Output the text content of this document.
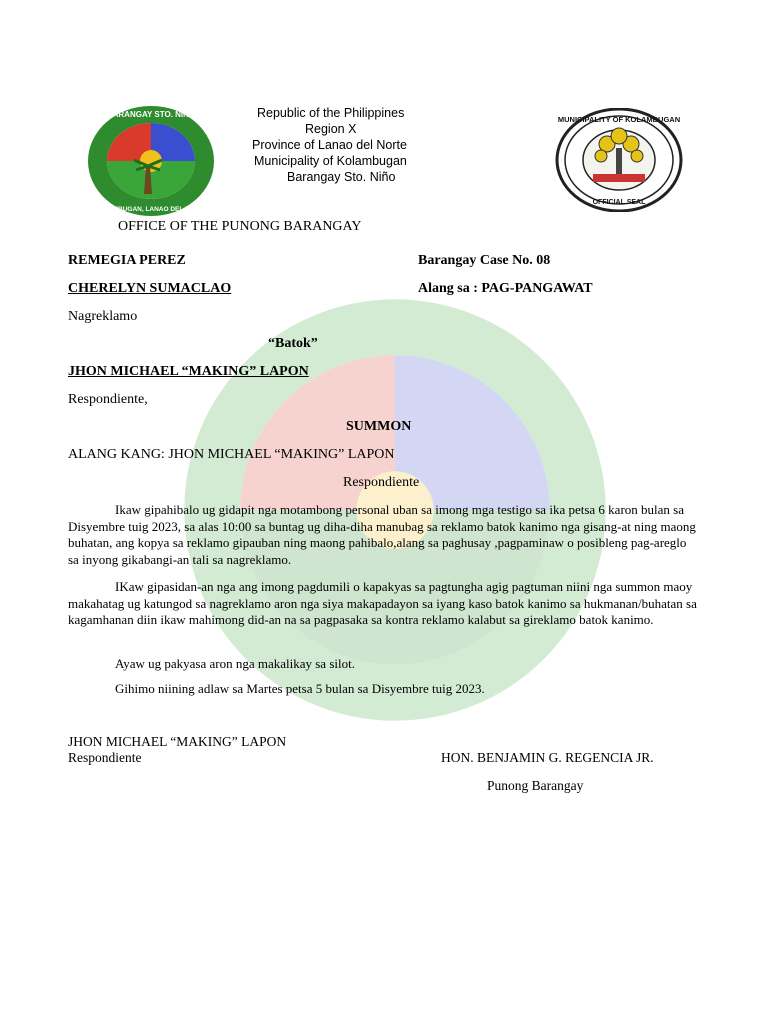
BARANGAY STO. NIÑO
KOLAMBUGAN, LANAO DEL NORTE
MUNICIPALITY OF KOLAMBUGAN
OFFICIAL SEAL
Republic of the Philippines
Region X
Province of Lanao del Norte
Municipality of Kolambugan
Barangay Sto. Niño
OFFICE OF THE PUNONG BARANGAY
REMEGIA PEREZ
CHERELYN SUMACLAO
Barangay Case No. 08
Alang sa : PAG-PANGAWAT
Nagreklamo
“Batok”
JHON MICHAEL “MAKING” LAPON
Respondiente,
SUMMON
ALANG KANG: JHON MICHAEL “MAKING” LAPON
Respondiente

Ikaw gipahibalo ug gidapit nga motambong personal uban sa imong mga testigo sa ika petsa 6 karon bulan sa Disyembre tuig 2023, sa alas 10:00 sa buntag ug diha-diha manubag sa reklamo batok kanimo nga gisang-at ning maong buhatan, ang kopya sa reklamo gipauban ning maong pahibalo,alang sa paghusay ,pagpaminaw o posibleng pag-areglo sa inyong gikabangi-an tali sa nagreklamo.

IKaw gipasidan-an nga ang imong pagdumili o kapakyas sa pagtungha agig pagtuman niini nga summon maoy makahatag ug katungod sa nagreklamo aron nga siya makapadayon sa iyang kaso batok kanimo sa hukmanan/buhatan sa kagamhanan diin ikaw mahimong did-an na sa pagpasaka sa kontra reklamo kalabut sa gireklamo batok kanimo.

Ayaw ug pakyasa aron nga makalikay sa silot.

Gihimo niining adlaw sa Martes petsa 5 bulan sa Disyembre tuig 2023.

JHON MICHAEL “MAKING” LAPON
Respondiente	HON. BENJAMIN G. REGENCIA JR.
Punong Barangay
